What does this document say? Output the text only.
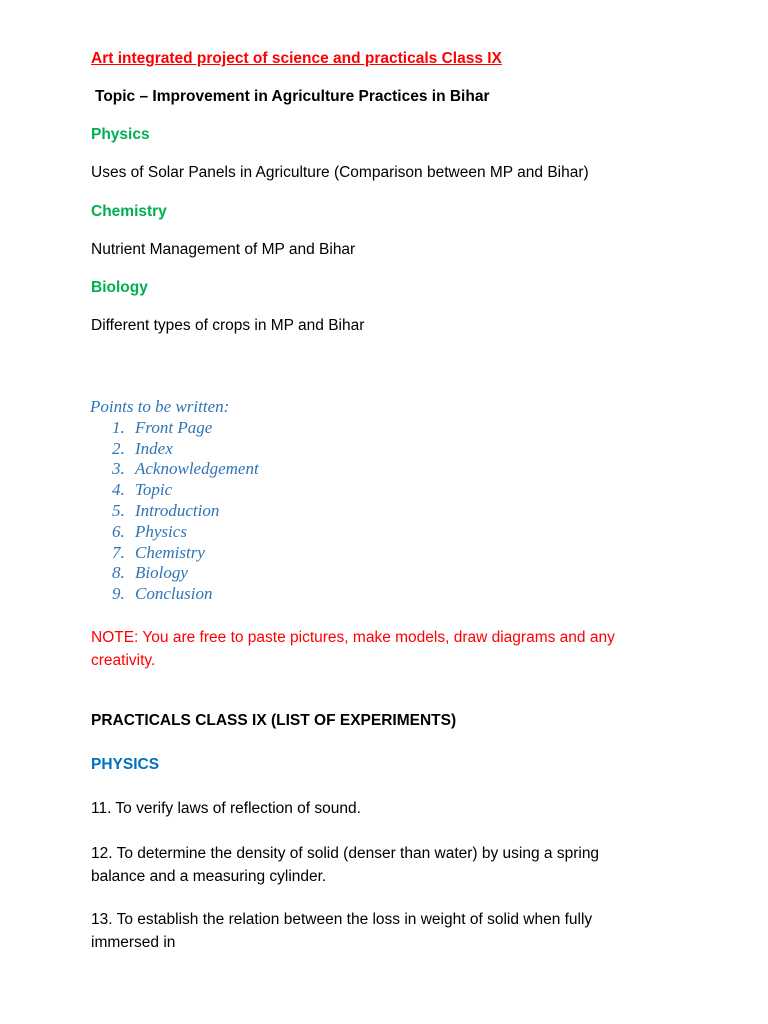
Art integrated project of science and practicals Class IX
Topic – Improvement in Agriculture Practices in Bihar
Physics
Uses of Solar Panels in Agriculture (Comparison between MP and Bihar)
Chemistry
Nutrient Management of MP and Bihar
Biology
Different types of crops in MP and Bihar
Points to be written:
1. Front Page
2. Index
3. Acknowledgement
4. Topic
5. Introduction
6. Physics
7. Chemistry
8. Biology
9. Conclusion
NOTE: You are free to paste pictures, make models, draw diagrams and any creativity.
PRACTICALS CLASS IX (LIST OF EXPERIMENTS)
PHYSICS
11. To verify laws of reflection of sound.
12. To determine the density of solid (denser than water) by using a spring balance and a measuring cylinder.
13. To establish the relation between the loss in weight of solid when fully immersed in
